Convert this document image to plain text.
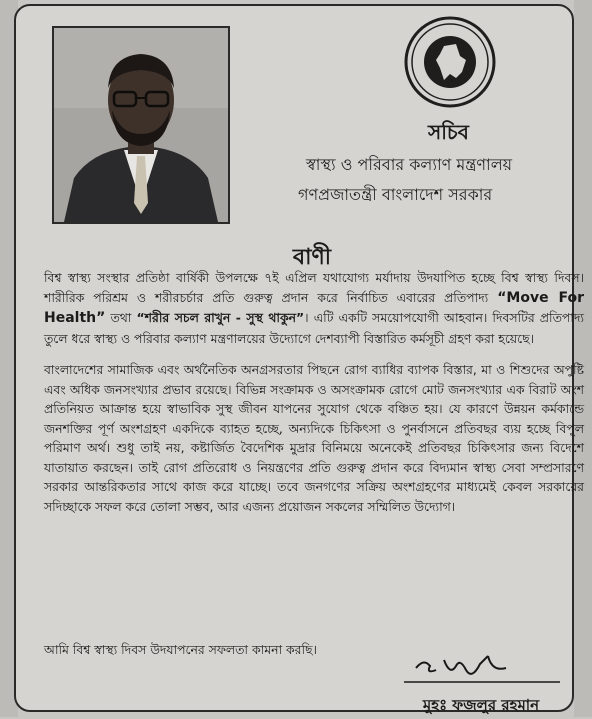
সচিব
স্বাস্থ্য ও পরিবার কল্যাণ মন্ত্রণালয়
গণপ্রজাতন্ত্রী বাংলাদেশ সরকার
বাণী

বিশ্ব স্বাস্থ্য সংস্থার প্রতিষ্ঠা বার্ষিকী উপলক্ষে ৭ই এপ্রিল যথাযোগ্য মর্যাদায় উদযাপিত হচ্ছে বিশ্ব স্বাস্থ্য দিবস। শারীরিক পরিশ্রম ও শরীরচর্চার প্রতি গুরুত্ব প্রদান করে নির্বাচিত এবারের প্রতিপাদ্য “Move For Health” তথা “শরীর সচল রাখুন - সুস্থ থাকুন”। এটি একটি সময়োপযোগী আহবান। দিবসটির প্রতিপাদ্য তুলে ধরে স্বাস্থ্য ও পরিবার কল্যাণ মন্ত্রণালয়ের উদ্যোগে দেশব্যাপী বিস্তারিত কর্মসূচী গ্রহণ করা হয়েছে।

বাংলাদেশের সামাজিক এবং অর্থনৈতিক অনগ্রসরতার পিছনে রোগ ব্যাধির ব্যাপক বিস্তার, মা ও শিশুদের অপুষ্টি এবং অধিক জনসংখ্যার প্রভাব রয়েছে। বিভিন্ন সংক্রামক ও অসংক্রামক রোগে মোট জনসংখ্যার এক বিরাট অংশ প্রতিনিয়ত আক্রান্ত হয়ে স্বাভাবিক সুস্থ জীবন যাপনের সুযোগ থেকে বঞ্চিত হয়। যে কারণে উন্নয়ন কর্মকান্ডে জনশক্তির পূর্ণ অংশগ্রহণ একদিকে ব্যাহত হচ্ছে, অন্যদিকে চিকিৎসা ও পুনর্বাসনে প্রতিবছর ব্যয় হচ্ছে বিপুল পরিমাণ অর্থ। শুধু তাই নয়, কষ্টার্জিত বৈদেশিক মুদ্রার বিনিময়ে অনেকেই প্রতিবছর চিকিৎসার জন্য বিদেশে যাতায়াত করছেন। তাই রোগ প্রতিরোধ ও নিয়ন্ত্রণের প্রতি গুরুত্ব প্রদান করে বিদ্যমান স্বাস্থ্য সেবা সম্প্রসারণে সরকার আন্তরিকতার সাথে কাজ করে যাচ্ছে। তবে জনগণের সক্রিয় অংশগ্রহণের মাধ্যমেই কেবল সরকারের সদিচ্ছাকে সফল করে তোলা সম্ভব, আর এজন্য প্রয়োজন সকলের সম্মিলিত উদ্যোগ।

আমি বিশ্ব স্বাস্থ্য দিবস উদযাপনের সফলতা কামনা করছি।
মুহঃ ফজলুর রহমান
